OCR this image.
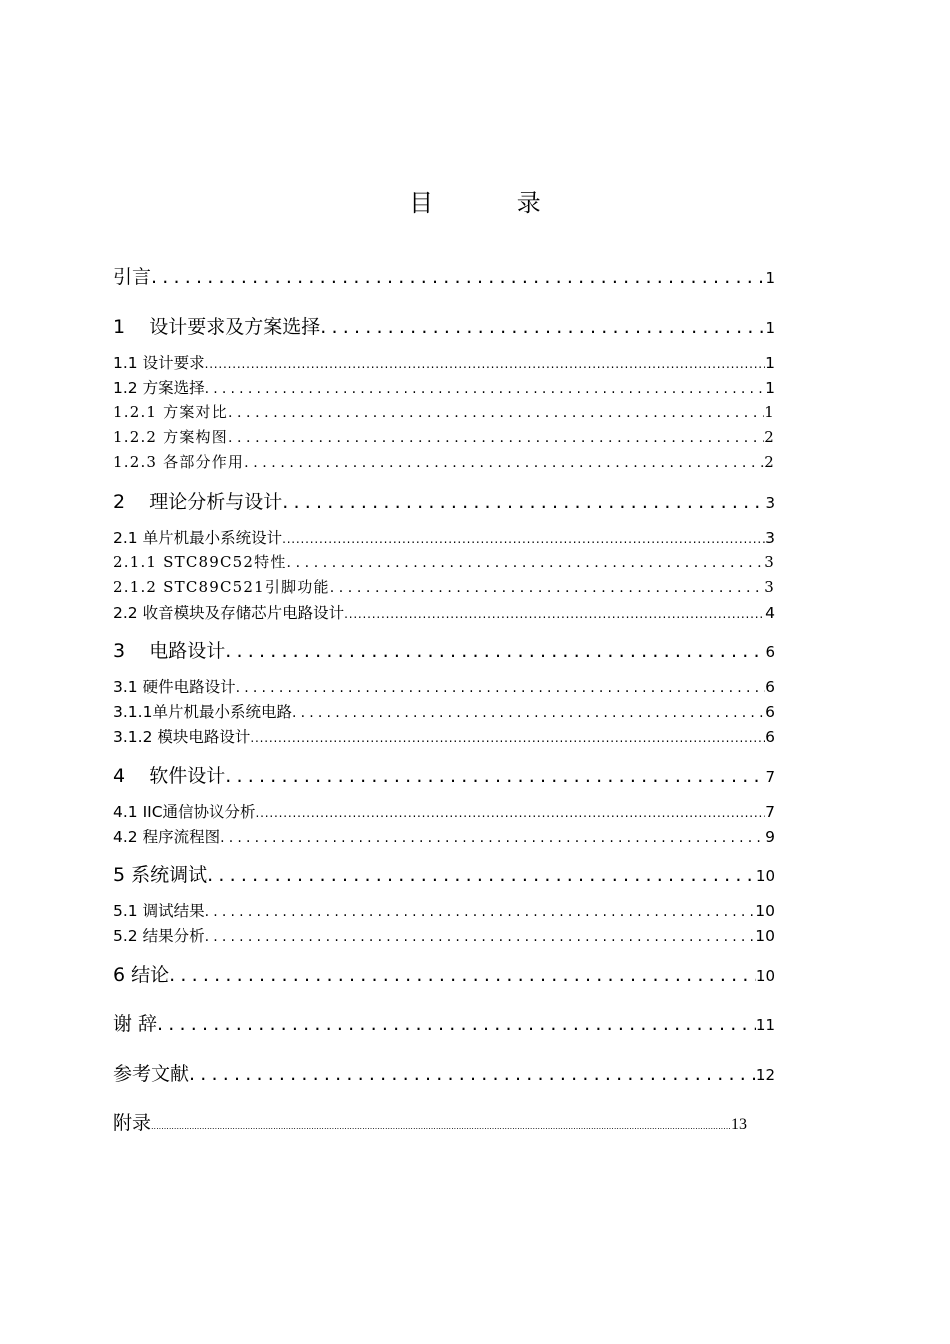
目 录
引言 .....	1
1    设计要求及方案选择 .....	1
1.1 设计要求 .....	1
1.2 方案选择 .....	1
1.2.1 方案对比 .....	1
1.2.2 方案构图 .....	2
1.2.3 各部分作用 .....	2
2    理论分析与设计 .....	3
2.1 单片机最小系统设计 .....	3
2.1.1 STC89C52特性 .....	3
2.1.2 STC89C521引脚功能 .....	3
2.2 收音模块及存储芯片电路设计 .....	4
3    电路设计 .....	6
3.1 硬件电路设计 .....	6
3.1.1单片机最小系统电路 .....	6
3.1.2 模块电路设计 .....	6
4    软件设计 .....	7
4.1 IIC通信协议分析 .....	7
4.2 程序流程图 .....	9
5 系统调试 .....	10
5.1 调试结果 .....	10
5.2 结果分析 .....	10
6 结论 .....	10
谢 辞 .....	11
参考文献 .....	12
附录 .....	13
